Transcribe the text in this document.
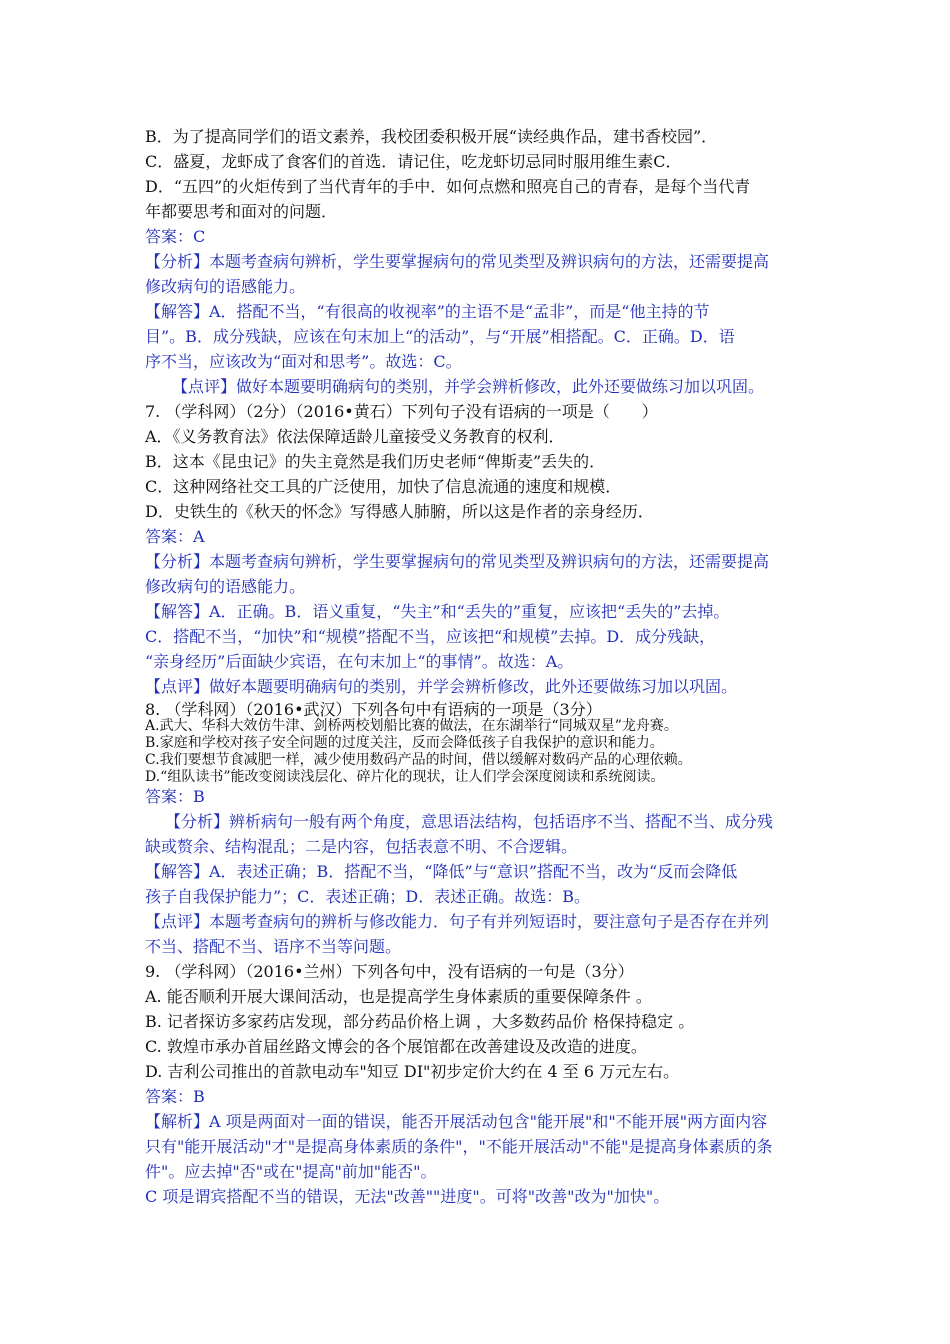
B．为了提高同学们的语文素养，我校团委积极开展“读经典作品，建书香校园”．
C．盛夏，龙虾成了食客们的首选．请记住，吃龙虾切忌同时服用维生素C．
D．“五四”的火炬传到了当代青年的手中．如何点燃和照亮自己的青春，是每个当代青
年都要思考和面对的问题．
答案：C
【分析】本题考查病句辨析，学生要掌握病句的常见类型及辨识病句的方法，还需要提高
修改病句的语感能力。
【解答】A．搭配不当，“有很高的收视率”的主语不是“孟非”，而是“他主持的节
目”。B．成分残缺，应该在句末加上“的活动”，与“开展”相搭配。C．正确。D．语
序不当，应该改为“面对和思考”。故选：C。
【点评】做好本题要明确病句的类别，并学会辨析修改，此外还要做练习加以巩固。
7. （学科网）（2分）（2016•黄石）下列句子没有语病的一项是（　　）
A．《义务教育法》依法保障适龄儿童接受义务教育的权利．
B．这本《昆虫记》的失主竟然是我们历史老师“俾斯麦”丢失的．
C．这种网络社交工具的广泛使用，加快了信息流通的速度和规模．
D．史铁生的《秋天的怀念》写得感人肺腑，所以这是作者的亲身经历．
答案：A
【分析】本题考查病句辨析，学生要掌握病句的常见类型及辨识病句的方法，还需要提高
修改病句的语感能力。
【解答】A．正确。B．语义重复，“失主”和“丢失的”重复，应该把“丢失的”去掉。
C．搭配不当，“加快”和“规模”搭配不当，应该把“和规模”去掉。D．成分残缺，
“亲身经历”后面缺少宾语，在句末加上“的事情”。故选：A。
【点评】做好本题要明确病句的类别，并学会辨析修改，此外还要做练习加以巩固。
8. （学科网）（2016•武汉）下列各句中有语病的一项是（3分）
A.武大、华科大效仿牛津、剑桥两校划船比赛的做法，在东湖举行“同城双星”龙舟赛。
B.家庭和学校对孩子安全问题的过度关注，反而会降低孩子自我保护的意识和能力。
C.我们要想节食减肥一样，减少使用数码产品的时间，借以缓解对数码产品的心理依赖。
D.“组队读书”能改变阅读浅层化、碎片化的现状，让人们学会深度阅读和系统阅读。
答案：B
【分析】辨析病句一般有两个角度，意思语法结构，包括语序不当、搭配不当、成分残
缺或赘余、结构混乱；二是内容，包括表意不明、不合逻辑。
【解答】A．表述正确；B．搭配不当，“降低”与“意识”搭配不当，改为“反而会降低
孩子自我保护能力”；C．表述正确；D．表述正确。故选：B。
【点评】本题考查病句的辨析与修改能力．句子有并列短语时，要注意句子是否存在并列
不当、搭配不当、语序不当等问题。
9. （学科网）（2016•兰州）下列各句中，没有语病的一句是（3分）
A. 能否顺利开展大课间活动，也是提高学生身体素质的重要保障条件 。
B. 记者探访多家药店发现，部分药品价格上调 ，大多数药品价 格保持稳定 。
C. 敦煌市承办首届丝路文博会的各个展馆都在改善建设及改造的进度。
D. 吉利公司推出的首款电动车"知豆 DI"初步定价大约在 4 至 6 万元左右。
答案：B
【解析】A 项是两面对一面的错误，能否开展活动包含"能开展"和"不能开展"两方面内容
只有"能开展活动"才"是提高身体素质的条件"，"不能开展活动"不能"是提高身体素质的条
件"。应去掉"否"或在"提高"前加"能否"。
C 项是谓宾搭配不当的错误，无法"改善""进度"。可将"改善"改为"加快"。
